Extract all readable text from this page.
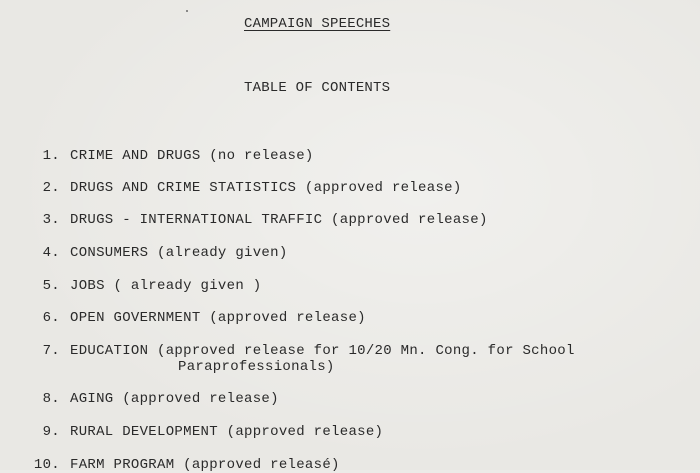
CAMPAIGN SPEECHES
TABLE OF CONTENTS
1. CRIME AND DRUGS (no release)
2. DRUGS AND CRIME STATISTICS (approved release)
3. DRUGS - INTERNATIONAL TRAFFIC (approved release)
4. CONSUMERS (already given)
5. JOBS ( already given )
6. OPEN GOVERNMENT (approved release)
7. EDUCATION (approved release for 10/20 Mn. Cong. for School
Paraprofessionals)
8. AGING (approved release)
9. RURAL DEVELOPMENT (approved release)
10. FARM PROGRAM (approved releasé)
